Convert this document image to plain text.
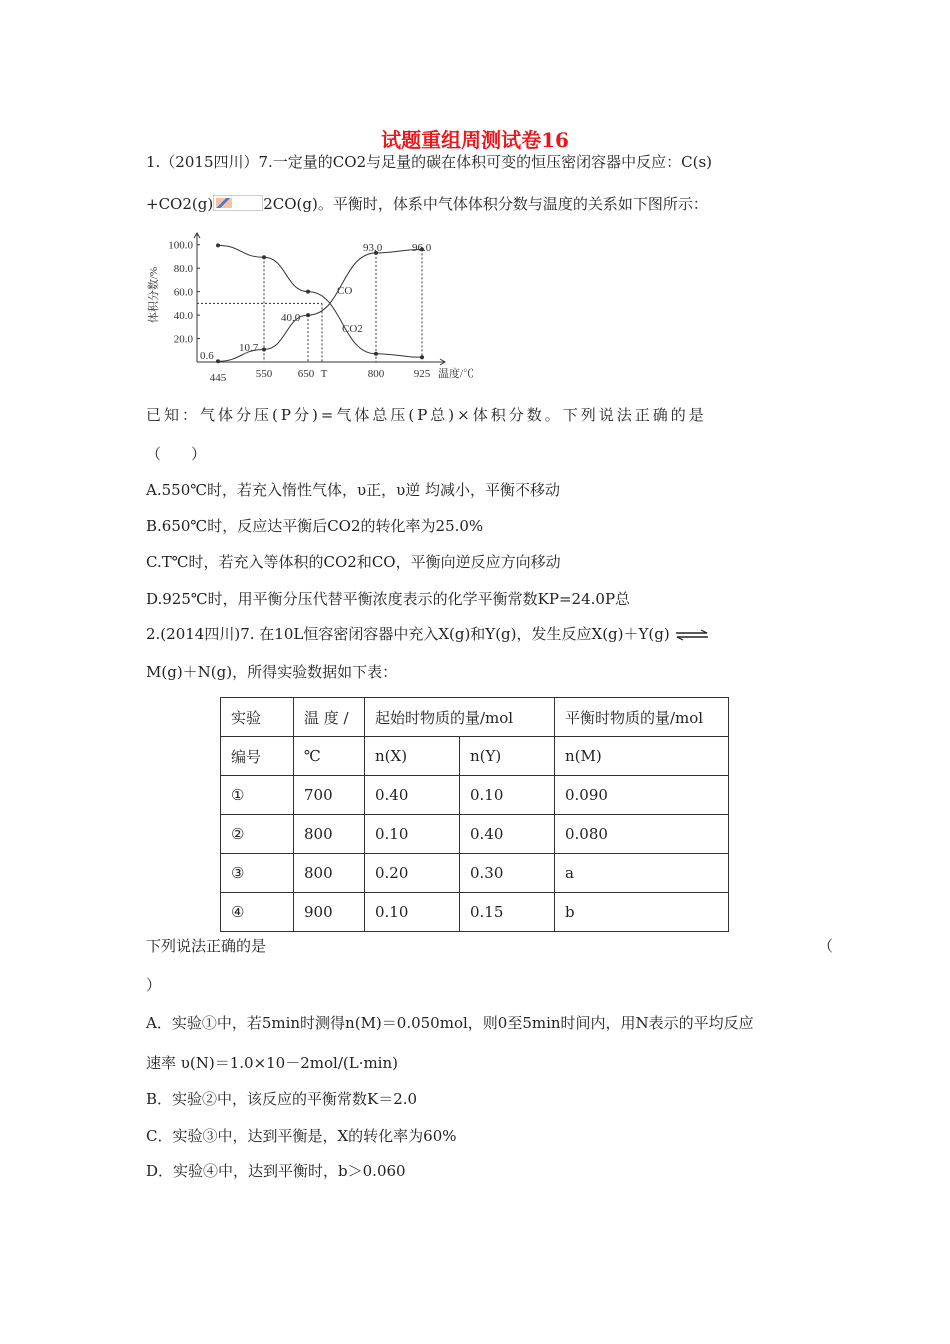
试题重组周测试卷16
1.（2015四川）7.一定量的CO2与足量的碳在体积可变的恒压密闭容器中反应：C(s)
+CO2(g)	2CO(g)。平衡时，体系中气体体积分数与温度的关系如下图所示：
100.0
80.0
60.0
40.0
20.0
体积分数/%
445	550 650 T	800	925 温度/℃
0.6
10.7
40.0
93.0	96.0
CO
CO2
已知：气体分压(P分)=气体总压(P总)×体积分数。下列说法正确的是
（　　）
A.550℃时，若充入惰性气体，υ正，υ逆 均减小，平衡不移动
B.650℃时，反应达平衡后CO2的转化率为25.0%
C.T℃时，若充入等体积的CO2和CO，平衡向逆反应方向移动
D.925℃时，用平衡分压代替平衡浓度表示的化学平衡常数KP=24.0P总
2.(2014四川)7. 在10L恒容密闭容器中充入X(g)和Y(g)，发生反应X(g)＋Y(g) ⇌
M(g)＋N(g)，所得实验数据如下表：
实验	温 度 /	起始时物质的量/mol		平衡时物质的量/mol
编号	℃	n(X)	n(Y)	n(M)
①	700	0.40	0.10	0.090
②	800	0.10	0.40	0.080
③	800	0.20	0.30	a
④	900	0.10	0.15	b
下列说法正确的是	（
）
A．实验①中，若5min时测得n(M)＝0.050mol，则0至5min时间内，用N表示的平均反应
速率 υ(N)＝1.0×10－2mol/(L·min)
B．实验②中，该反应的平衡常数K＝2.0
C．实验③中，达到平衡是，X的转化率为60%
D．实验④中，达到平衡时，b＞0.060
